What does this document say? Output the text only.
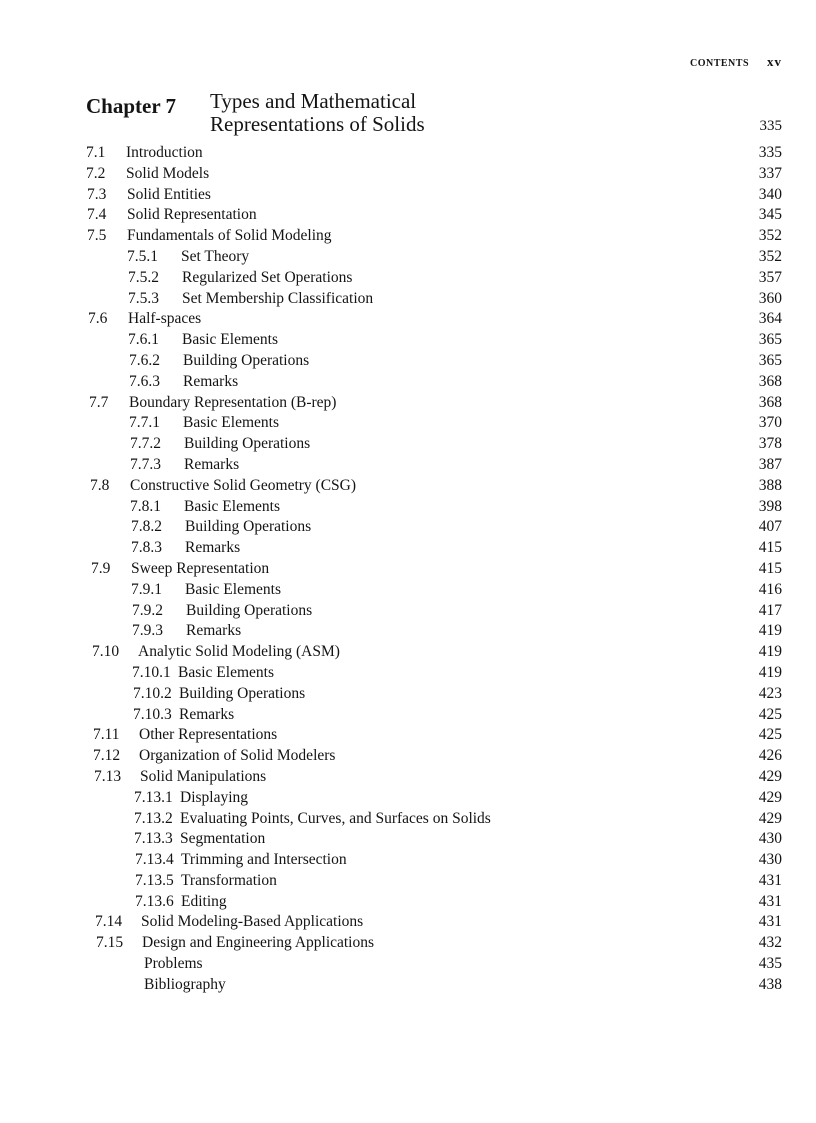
CONTENTS xv
Chapter 7 Types and Mathematical
Representations of Solids	335
7.1 Introduction	335
7.2 Solid Models	337
7.3 Solid Entities	340
7.4 Solid Representation	345
7.5 Fundamentals of Solid Modeling	352
7.5.1 Set Theory	352
7.5.2 Regularized Set Operations	357
7.5.3 Set Membership Classification	360
7.6 Half-spaces	364
7.6.1 Basic Elements	365
7.6.2 Building Operations	365
7.6.3 Remarks	368
7.7 Boundary Representation (B-rep)	368
7.7.1 Basic Elements	370
7.7.2 Building Operations	378
7.7.3 Remarks	387
7.8 Constructive Solid Geometry (CSG)	388
7.8.1 Basic Elements	398
7.8.2 Building Operations	407
7.8.3 Remarks	415
7.9 Sweep Representation	415
7.9.1 Basic Elements	416
7.9.2 Building Operations	417
7.9.3 Remarks	419
7.10 Analytic Solid Modeling (ASM)	419
7.10.1 Basic Elements	419
7.10.2 Building Operations	423
7.10.3 Remarks	425
7.11 Other Representations	425
7.12 Organization of Solid Modelers	426
7.13 Solid Manipulations	429
7.13.1 Displaying	429
7.13.2 Evaluating Points, Curves, and Surfaces on Solids	429
7.13.3 Segmentation	430
7.13.4 Trimming and Intersection	430
7.13.5 Transformation	431
7.13.6 Editing	431
7.14 Solid Modeling-Based Applications	431
7.15 Design and Engineering Applications	432
Problems	435
Bibliography	438
